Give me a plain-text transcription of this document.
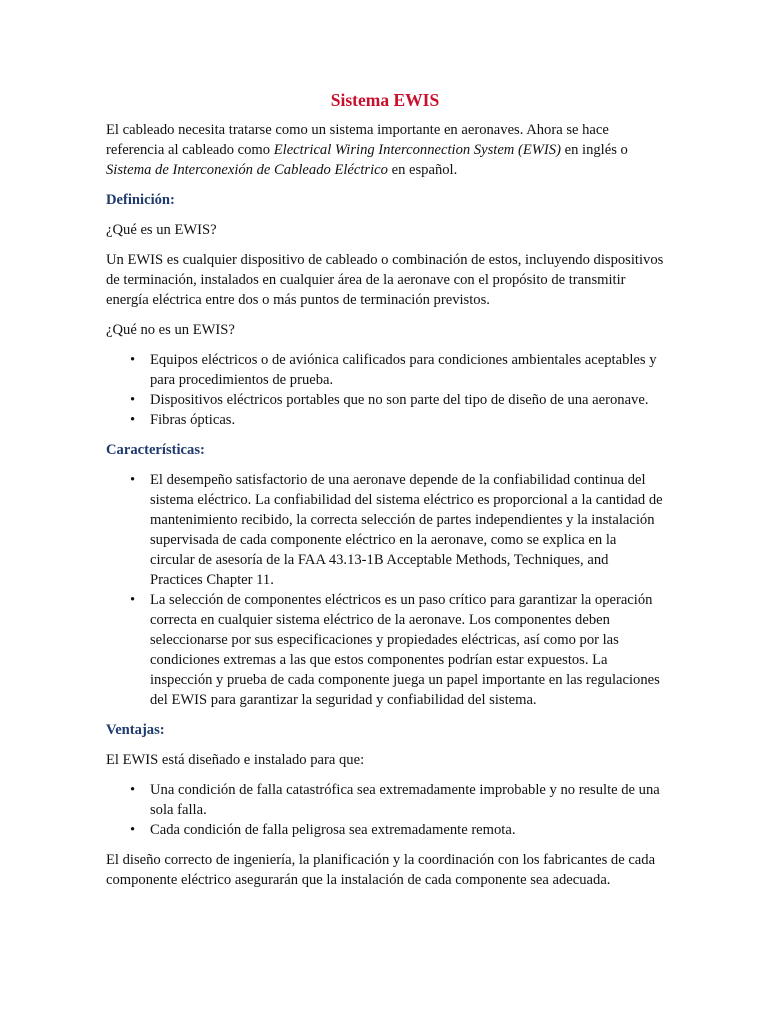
Sistema EWIS

El cableado necesita tratarse como un sistema importante en aeronaves. Ahora se hace referencia al cableado como Electrical Wiring Interconnection System (EWIS) en inglés o Sistema de Interconexión de Cableado Eléctrico en español.

Definición:

¿Qué es un EWIS?

Un EWIS es cualquier dispositivo de cableado o combinación de estos, incluyendo dispositivos de terminación, instalados en cualquier área de la aeronave con el propósito de transmitir energía eléctrica entre dos o más puntos de terminación previstos.

¿Qué no es un EWIS?

• Equipos eléctricos o de aviónica calificados para condiciones ambientales aceptables y para procedimientos de prueba.
• Dispositivos eléctricos portables que no son parte del tipo de diseño de una aeronave.
• Fibras ópticas.
Características:
• El desempeño satisfactorio de una aeronave depende de la confiabilidad continua del sistema eléctrico. La confiabilidad del sistema eléctrico es proporcional a la cantidad de mantenimiento recibido, la correcta selección de partes independientes y la instalación supervisada de cada componente eléctrico en la aeronave, como se explica en la circular de asesoría de la FAA 43.13-1B Acceptable Methods, Techniques, and Practices Chapter 11.
• La selección de componentes eléctricos es un paso crítico para garantizar la operación correcta en cualquier sistema eléctrico de la aeronave. Los componentes deben seleccionarse por sus especificaciones y propiedades eléctricas, así como por las condiciones extremas a las que estos componentes podrían estar expuestos. La inspección y prueba de cada componente juega un papel importante en las regulaciones del EWIS para garantizar la seguridad y confiabilidad del sistema.
Ventajas:

El EWIS está diseñado e instalado para que:

• Una condición de falla catastrófica sea extremadamente improbable y no resulte de una sola falla.
• Cada condición de falla peligrosa sea extremadamente remota.

El diseño correcto de ingeniería, la planificación y la coordinación con los fabricantes de cada componente eléctrico asegurarán que la instalación de cada componente sea adecuada.
